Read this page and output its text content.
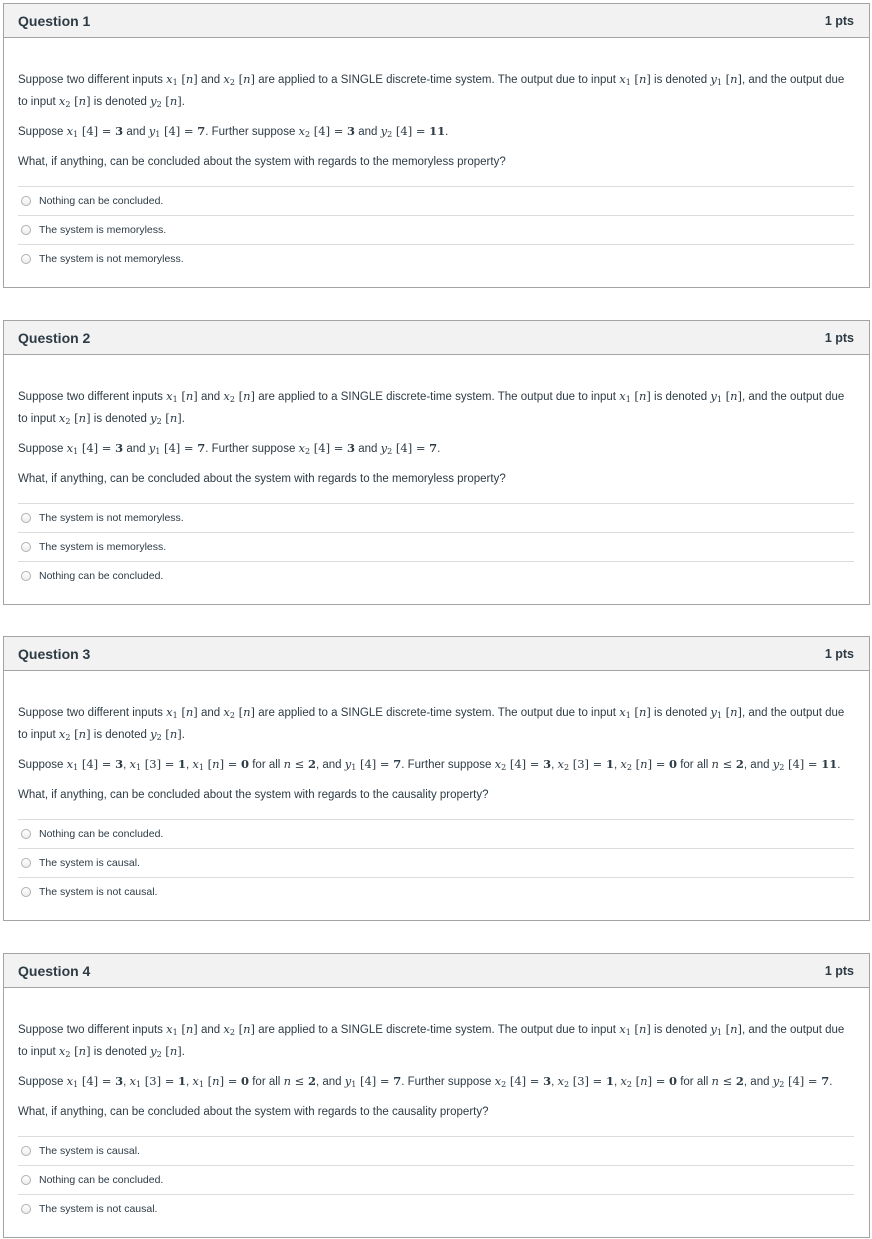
Question 1	1 pts

Suppose two different inputs $x_1$ [n] and $x_2$ [n] are applied to a SINGLE discrete-time system. The output due to input $x_1$ [n] is denoted $y_1$ [n], and the output due to input $x_2$ [n] is denoted $y_2$ [n].

Suppose $x_1$ [4] = 3 and $y_1$ [4] = 7. Further suppose $x_2$ [4] = 3 and $y_2$ [4] = 11.

What, if anything, can be concluded about the system with regards to the memoryless property?

Nothing can be concluded.
The system is memoryless.
The system is not memoryless.
Question 2	1 pts

Suppose two different inputs $x_1$ [n] and $x_2$ [n] are applied to a SINGLE discrete-time system. The output due to input $x_1$ [n] is denoted $y_1$ [n], and the output due to input $x_2$ [n] is denoted $y_2$ [n].

Suppose $x_1$ [4] = 3 and $y_1$ [4] = 7. Further suppose $x_2$ [4] = 3 and $y_2$ [4] = 7.

What, if anything, can be concluded about the system with regards to the memoryless property?

The system is not memoryless.
The system is memoryless.
Nothing can be concluded.
Question 3	1 pts

Suppose two different inputs $x_1$ [n] and $x_2$ [n] are applied to a SINGLE discrete-time system. The output due to input $x_1$ [n] is denoted $y_1$ [n], and the output due to input $x_2$ [n] is denoted $y_2$ [n].

Suppose $x_1$ [4] = 3, $x_1$ [3] = 1, $x_1$ [n] = 0 for all n ≤ 2, and $y_1$ [4] = 7. Further suppose $x_2$ [4] = 3, $x_2$ [3] = 1, $x_2$ [n] = 0 for all n ≤ 2, and $y_2$ [4] = 11.

What, if anything, can be concluded about the system with regards to the causality property?

Nothing can be concluded.
The system is causal.
The system is not causal.
Question 4	1 pts

Suppose two different inputs $x_1$ [n] and $x_2$ [n] are applied to a SINGLE discrete-time system. The output due to input $x_1$ [n] is denoted $y_1$ [n], and the output due to input $x_2$ [n] is denoted $y_2$ [n].

Suppose $x_1$ [4] = 3, $x_1$ [3] = 1, $x_1$ [n] = 0 for all n ≤ 2, and $y_1$ [4] = 7. Further suppose $x_2$ [4] = 3, $x_2$ [3] = 1, $x_2$ [n] = 0 for all n ≤ 2, and $y_2$ [4] = 7.

What, if anything, can be concluded about the system with regards to the causality property?

The system is causal.
Nothing can be concluded.
The system is not causal.
